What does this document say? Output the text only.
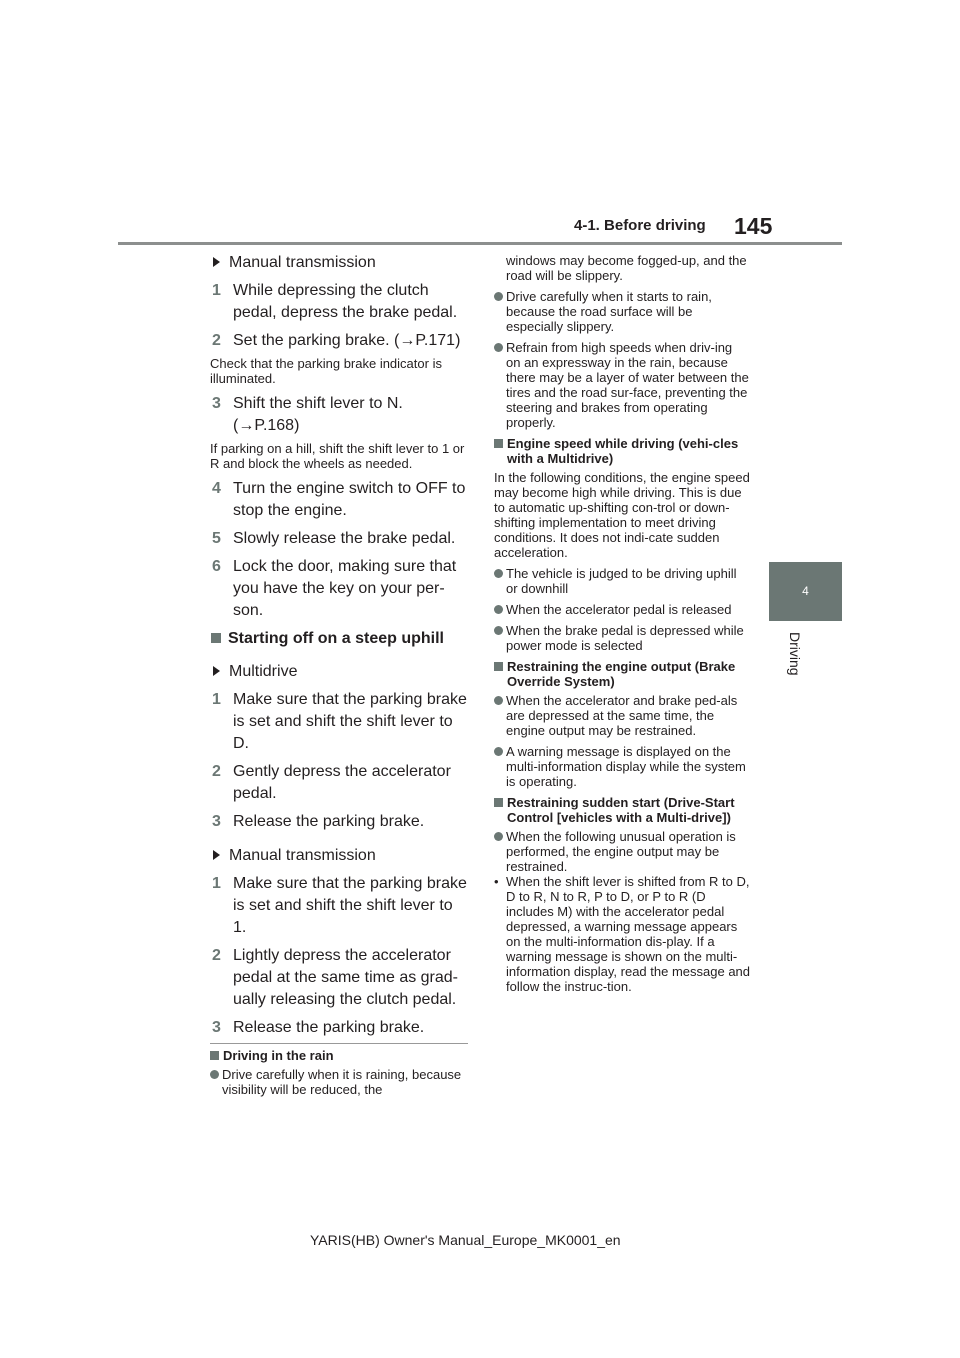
4-1. Before driving 145
4
Driving
Manual transmission
1 While depressing the clutch pedal, depress the brake pedal.
2 Set the parking brake. (→P.171)
Check that the parking brake indicator is illuminated.
3 Shift the shift lever to N. (→P.168)
If parking on a hill, shift the shift lever to 1 or R and block the wheels as needed.
4 Turn the engine switch to OFF to stop the engine.
5 Slowly release the brake pedal.
6 Lock the door, making sure that you have the key on your per-son.
Starting off on a steep uphill
Multidrive
1 Make sure that the parking brake is set and shift the shift lever to D.
2 Gently depress the accelerator pedal.
3 Release the parking brake.
Manual transmission
1 Make sure that the parking brake is set and shift the shift lever to 1.
2 Lightly depress the accelerator pedal at the same time as grad-ually releasing the clutch pedal.
3 Release the parking brake.
Driving in the rain
Drive carefully when it is raining, because visibility will be reduced, the
windows may become fogged-up, and the road will be slippery.
Drive carefully when it starts to rain, because the road surface will be especially slippery.
Refrain from high speeds when driv-ing on an expressway in the rain, because there may be a layer of water between the tires and the road sur-face, preventing the steering and brakes from operating properly.
Engine speed while driving (vehi-cles with a Multidrive)
In the following conditions, the engine speed may become high while driving. This is due to automatic up-shifting con-trol or down-shifting implementation to meet driving conditions. It does not indi-cate sudden acceleration.
The vehicle is judged to be driving uphill or downhill
When the accelerator pedal is released
When the brake pedal is depressed while power mode is selected
Restraining the engine output (Brake Override System)
When the accelerator and brake ped-als are depressed at the same time, the engine output may be restrained.
A warning message is displayed on the multi-information display while the system is operating.
Restraining sudden start (Drive-Start Control [vehicles with a Multi-drive])
When the following unusual operation is performed, the engine output may be restrained.
• When the shift lever is shifted from R to D, D to R, N to R, P to D, or P to R (D includes M) with the accelerator pedal depressed, a warning message appears on the multi-information dis-play. If a warning message is shown on the multi-information display, read the message and follow the instruc-tion.
YARIS(HB) Owner's Manual_Europe_MK0001_en
